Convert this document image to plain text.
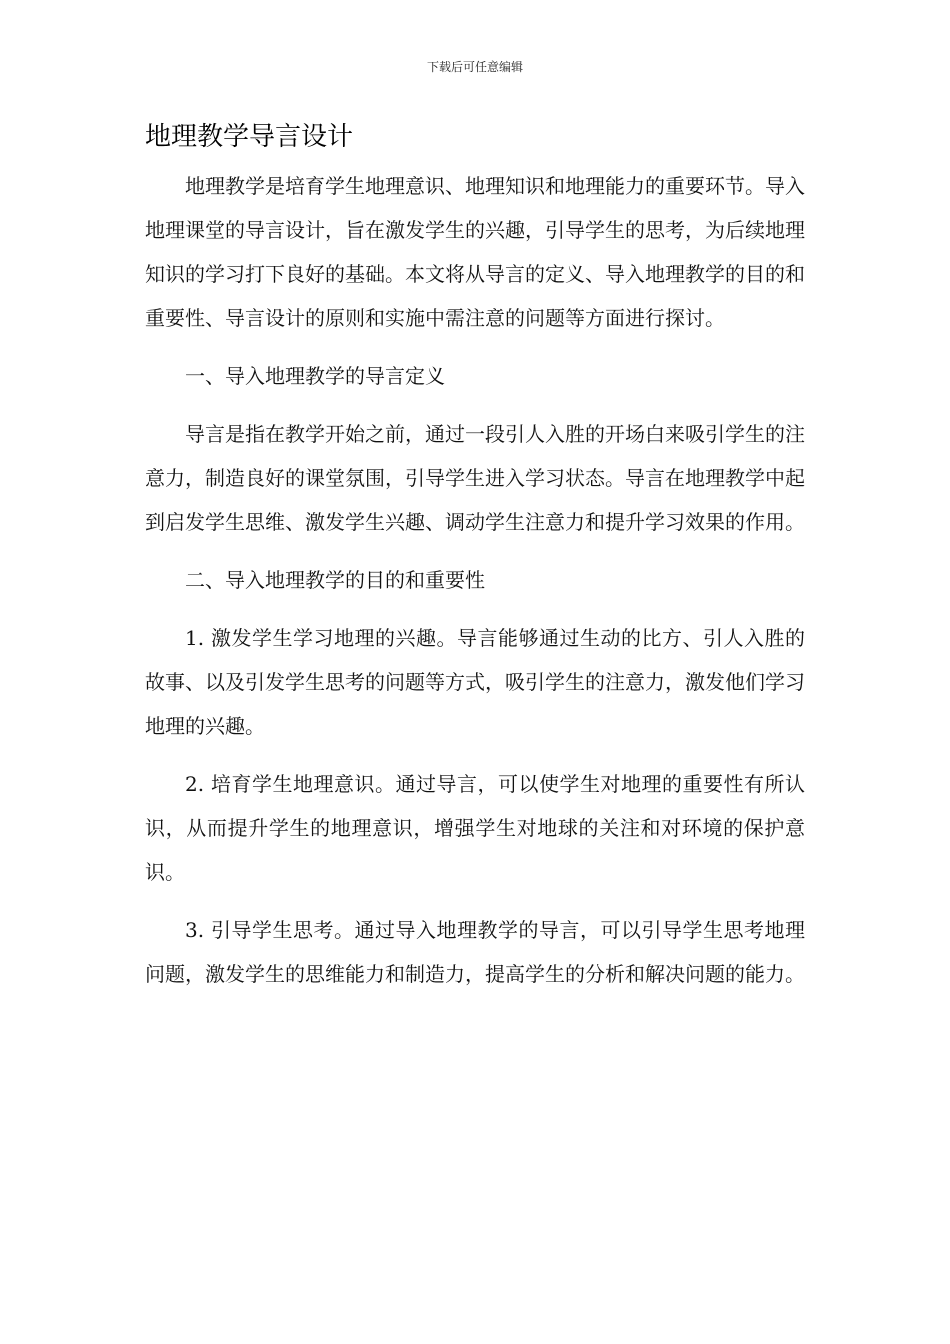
下载后可任意编辑
地理教学导言设计

地理教学是培育学生地理意识、地理知识和地理能力的重要环节。导入地理课堂的导言设计，旨在激发学生的兴趣，引导学生的思考，为后续地理知识的学习打下良好的基础。本文将从导言的定义、导入地理教学的目的和重要性、导言设计的原则和实施中需注意的问题等方面进行探讨。

一、导入地理教学的导言定义

导言是指在教学开始之前，通过一段引人入胜的开场白来吸引学生的注意力，制造良好的课堂氛围，引导学生进入学习状态。导言在地理教学中起到启发学生思维、激发学生兴趣、调动学生注意力和提升学习效果的作用。

二、导入地理教学的目的和重要性

1. 激发学生学习地理的兴趣。导言能够通过生动的比方、引人入胜的故事、以及引发学生思考的问题等方式，吸引学生的注意力，激发他们学习地理的兴趣。

2. 培育学生地理意识。通过导言，可以使学生对地理的重要性有所认识，从而提升学生的地理意识，增强学生对地球的关注和对环境的保护意识。

3. 引导学生思考。通过导入地理教学的导言，可以引导学生思考地理问题，激发学生的思维能力和制造力，提高学生的分析和解决问题的能力。
